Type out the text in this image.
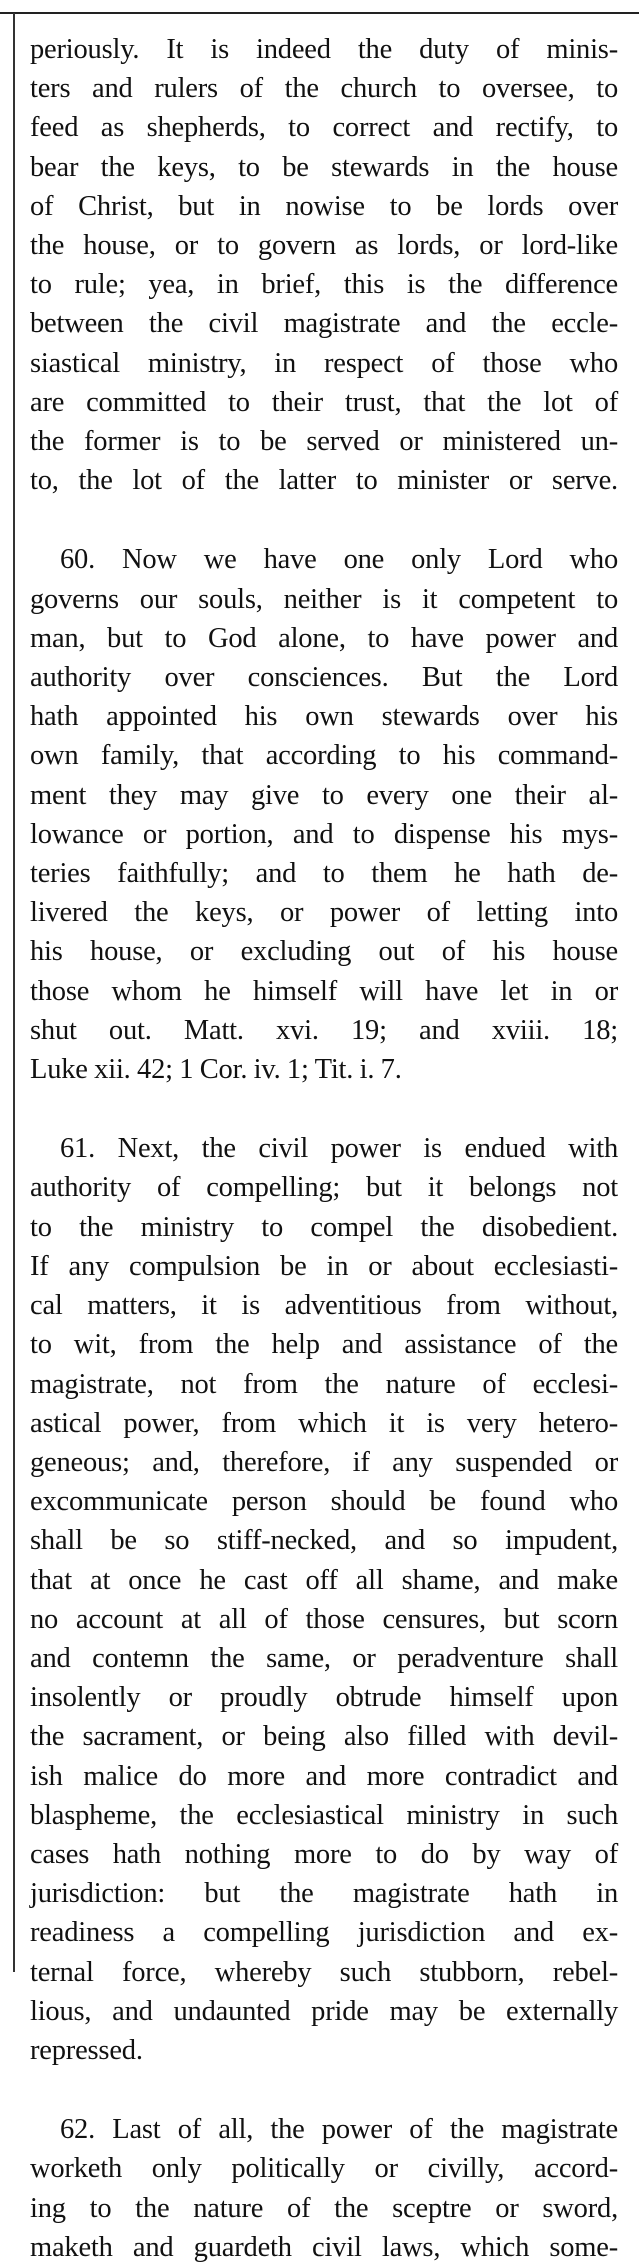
periously. It is indeed the duty of minis-
ters and rulers of the church to oversee, to
feed as shepherds, to correct and rectify, to
bear the keys, to be stewards in the house
of Christ, but in nowise to be lords over
the house, or to govern as lords, or lord-like
to rule; yea, in brief, this is the difference
between the civil magistrate and the eccle-
siastical ministry, in respect of those who
are committed to their trust, that the lot of
the former is to be served or ministered un-
to, the lot of the latter to minister or serve.
60. Now we have one only Lord who
governs our souls, neither is it competent to
man, but to God alone, to have power and
authority over consciences. But the Lord
hath appointed his own stewards over his
own family, that according to his command-
ment they may give to every one their al-
lowance or portion, and to dispense his mys-
teries faithfully; and to them he hath de-
livered the keys, or power of letting into
his house, or excluding out of his house
those whom he himself will have let in or
shut out. Matt. xvi. 19; and xviii. 18;
Luke xii. 42; 1 Cor. iv. 1; Tit. i. 7.
61. Next, the civil power is endued with
authority of compelling; but it belongs not
to the ministry to compel the disobedient.
If any compulsion be in or about ecclesiasti-
cal matters, it is adventitious from without,
to wit, from the help and assistance of the
magistrate, not from the nature of ecclesi-
astical power, from which it is very hetero-
geneous; and, therefore, if any suspended or
excommunicate person should be found who
shall be so stiff-necked, and so impudent,
that at once he cast off all shame, and make
no account at all of those censures, but scorn
and contemn the same, or peradventure shall
insolently or proudly obtrude himself upon
the sacrament, or being also filled with devil-
ish malice do more and more contradict and
blaspheme, the ecclesiastical ministry in such
cases hath nothing more to do by way of
jurisdiction: but the magistrate hath in
readiness a compelling jurisdiction and ex-
ternal force, whereby such stubborn, rebel-
lious, and undaunted pride may be externally
repressed.
62. Last of all, the power of the magistrate
worketh only politically or civilly, accord-
ing to the nature of the sceptre or sword,
maketh and guardeth civil laws, which some-
